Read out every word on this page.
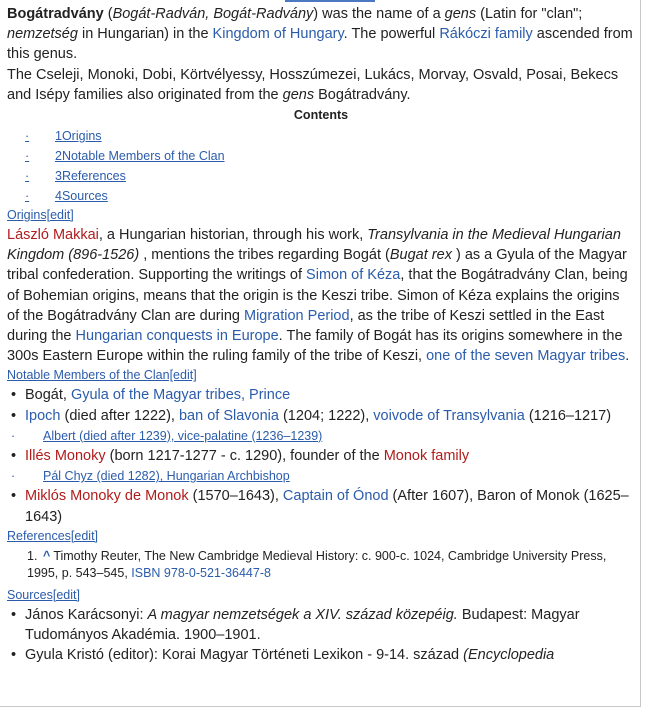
Bogátradvány (Bogát-Radván, Bogát-Radvány) was the name of a gens (Latin for "clan"; nemzetség in Hungarian) in the Kingdom of Hungary. The powerful Rákóczi family ascended from this genus.

The Cseleji, Monoki, Dobi, Körtvélyessy, Hosszúmezei, Lukács, Morvay, Osvald, Posai, Bekecs and Isépy families also originated from the gens Bogátradvány.

Contents
· 1Origins
· 2Notable Members of the Clan
· 3References
· 4Sources

Origins[edit]

László Makkai, a Hungarian historian, through his work, Transylvania in the Medieval Hungarian Kingdom (896-1526) , mentions the tribes regarding Bogát (Bugat rex ) as a Gyula of the Magyar tribal confederation. Supporting the writings of Simon of Kéza, that the Bogátradvány Clan, being of Bohemian origins, means that the origin is the Keszi tribe. Simon of Kéza explains the origins of the Bogátradvány Clan are during Migration Period, as the tribe of Keszi settled in the East during the Hungarian conquests in Europe. The family of Bogát has its origins somewhere in the 300s Eastern Europe within the ruling family of the tribe of Keszi, one of the seven Magyar tribes.

Notable Members of the Clan[edit]

• Bogát, Gyula of the Magyar tribes, Prince

• Ipoch (died after 1222), ban of Slavonia (1204; 1222), voivode of Transylvania (1216–1217)

· Albert (died after 1239), vice-palatine (1236–1239)

• Illés Monoky (born 1217-1277 - c. 1290), founder of the Monok family

· Pál Chyz (died 1282), Hungarian Archbishop

• Miklós Monoky de Monok (1570–1643), Captain of Ónod (After 1607), Baron of Monok (1625–1643)

References[edit]

1. ^ Timothy Reuter, The New Cambridge Medieval History: c. 900-c. 1024, Cambridge University Press, 1995, p. 543–545, ISBN 978-0-521-36447-8

Sources[edit]

• János Karácsonyi: A magyar nemzetségek a XIV. század közepéig. Budapest: Magyar Tudományos Akadémia. 1900–1901.

• Gyula Kristó (editor): Korai Magyar Történeti Lexikon - 9-14. század (Encyclopedia
